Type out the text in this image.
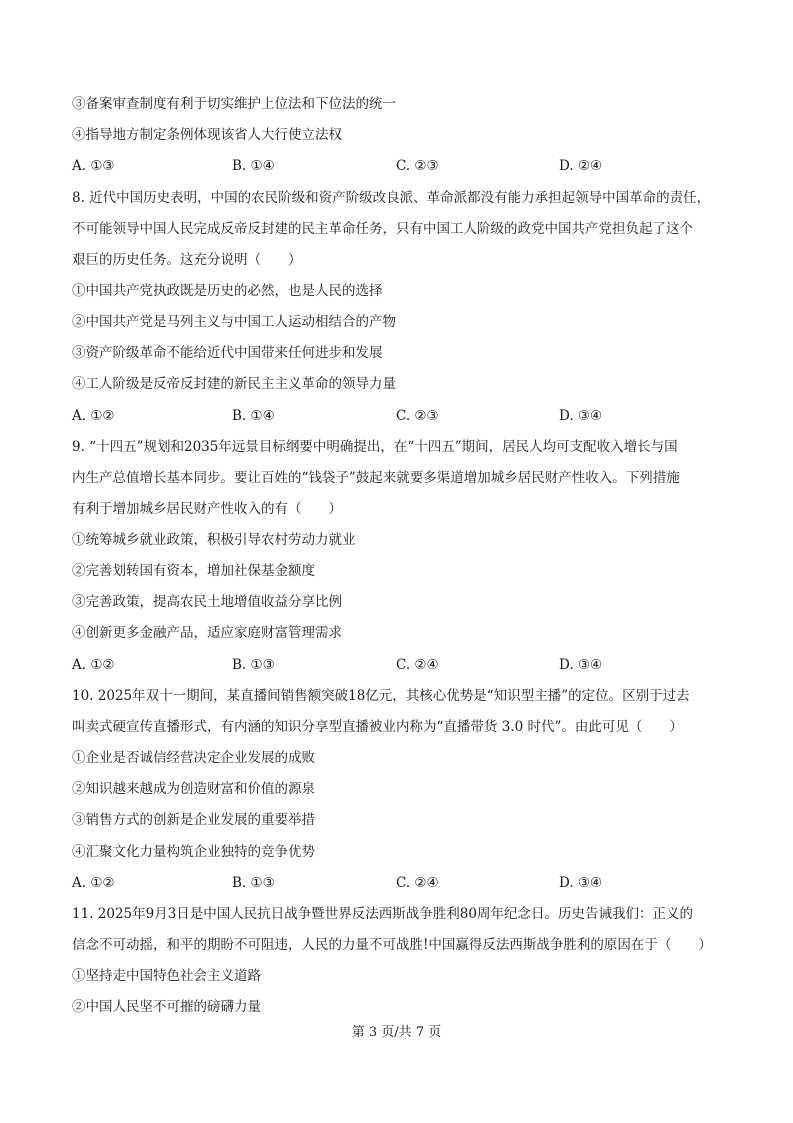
③备案审查制度有利于切实维护上位法和下位法的统一
④指导地方制定条例体现该省人大行使立法权
A. ①③	B. ①④	C. ②③	D. ②④
8. 近代中国历史表明，中国的农民阶级和资产阶级改良派、革命派都没有能力承担起领导中国革命的责任，
不可能领导中国人民完成反帝反封建的民主革命任务，只有中国工人阶级的政党中国共产党担负起了这个
艰巨的历史任务。这充分说明（　　）
①中国共产党执政既是历史的必然，也是人民的选择
②中国共产党是马列主义与中国工人运动相结合的产物
③资产阶级革命不能给近代中国带来任何进步和发展
④工人阶级是反帝反封建的新民主主义革命的领导力量
A. ①②	B. ①④	C. ②③	D. ③④
9. “十四五”规划和2035年远景目标纲要中明确提出，在“十四五”期间，居民人均可支配收入增长与国
内生产总值增长基本同步。要让百姓的“钱袋子”鼓起来就要多渠道增加城乡居民财产性收入。下列措施
有利于增加城乡居民财产性收入的有（　　）
①统筹城乡就业政策，积极引导农村劳动力就业
②完善划转国有资本，增加社保基金额度
③完善政策，提高农民土地增值收益分享比例
④创新更多金融产品，适应家庭财富管理需求
A. ①②	B. ①③	C. ②④	D. ③④
10. 2025年双十一期间，某直播间销售额突破18亿元，其核心优势是“知识型主播”的定位。区别于过去
叫卖式硬宣传直播形式，有内涵的知识分享型直播被业内称为“直播带货 3.0 时代”。由此可见（　　）
①企业是否诚信经营决定企业发展的成败
②知识越来越成为创造财富和价值的源泉
③销售方式的创新是企业发展的重要举措
④汇聚文化力量构筑企业独特的竞争优势
A. ①②	B. ①③	C. ②④	D. ③④
11. 2025年9月3日是中国人民抗日战争暨世界反法西斯战争胜利80周年纪念日。历史告诫我们：正义的
信念不可动摇，和平的期盼不可阻违，人民的力量不可战胜!中国赢得反法西斯战争胜利的原因在于（　　）
①坚持走中国特色社会主义道路
②中国人民坚不可摧的磅礴力量
第 3 页/共 7 页
